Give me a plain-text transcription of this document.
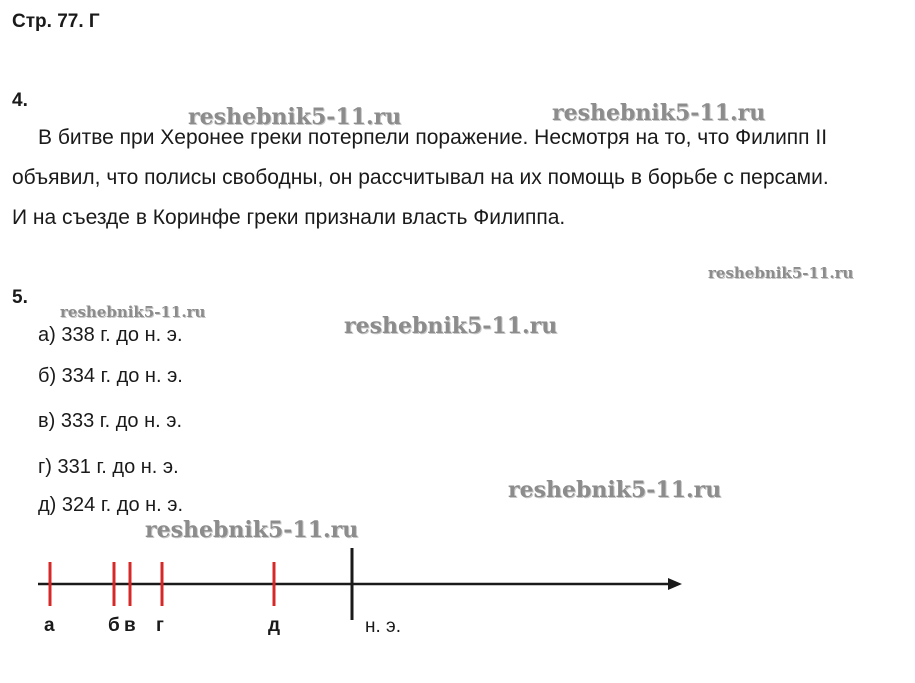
Стр. 77. Г
4.
В битве при Херонее греки потерпели поражение. Несмотря на то, что Филипп II
объявил, что полисы свободны, он рассчитывал на их помощь в борьбе с персами.
И на съезде в Коринфе греки признали власть Филиппа.
5.
а) 338 г. до н. э.
б) 334 г. до н. э.
в) 333 г. до н. э.
г) 331 г. до н. э.
д) 324 г. до н. э.
reshebnik5-11.ru	reshebnik5-11.ru
reshebnik5-11.ru
reshebnik5-11.ru
reshebnik5-11.ru
reshebnik5-11.ru
reshebnik5-11.ru
н. э.
а	б в г	д
